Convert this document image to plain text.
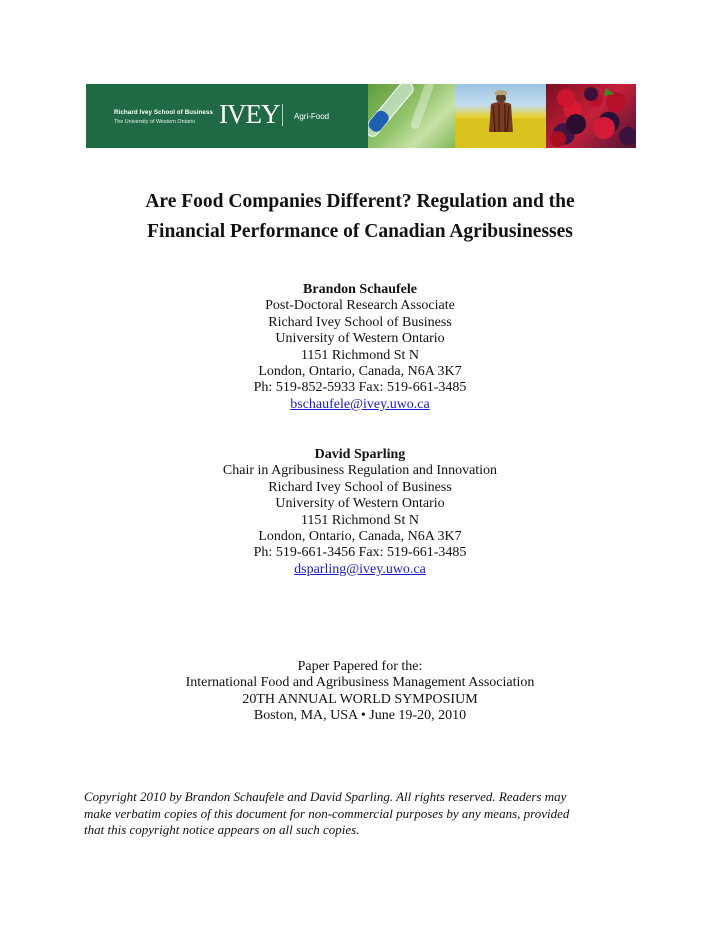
Richard Ivey School of Business
The University of Western Ontario IVEY Agri-Food
Are Food Companies Different? Regulation and the
Financial Performance of Canadian Agribusinesses
Brandon Schaufele
Post-Doctoral Research Associate
Richard Ivey School of Business
University of Western Ontario
1151 Richmond St N
London, Ontario, Canada, N6A 3K7
Ph: 519-852-5933 Fax: 519-661-3485
bschaufele@ivey.uwo.ca
David Sparling
Chair in Agribusiness Regulation and Innovation
Richard Ivey School of Business
University of Western Ontario
1151 Richmond St N
London, Ontario, Canada, N6A 3K7
Ph: 519-661-3456 Fax: 519-661-3485
dsparling@ivey.uwo.ca
Paper Papered for the:
International Food and Agribusiness Management Association
20TH ANNUAL WORLD SYMPOSIUM
Boston, MA, USA • June 19-20, 2010
Copyright 2010 by Brandon Schaufele and David Sparling. All rights reserved. Readers may
make verbatim copies of this document for non-commercial purposes by any means, provided
that this copyright notice appears on all such copies.
